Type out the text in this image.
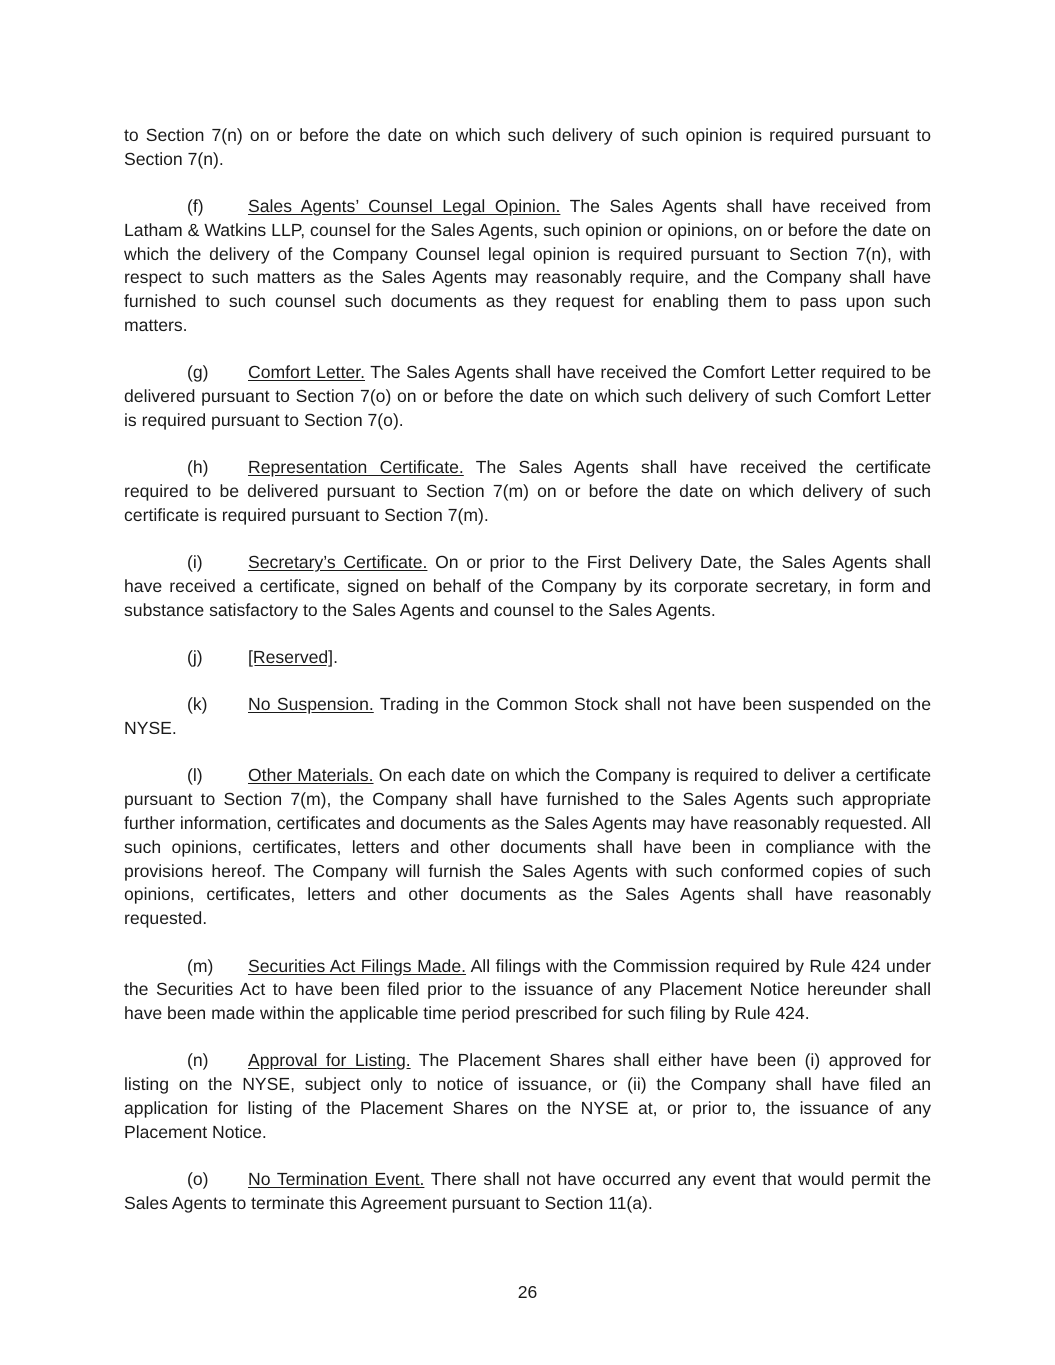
to Section 7(n) on or before the date on which such delivery of such opinion is required pursuant to Section 7(n).

(f)	Sales Agents’ Counsel Legal Opinion. The Sales Agents shall have received from Latham & Watkins LLP, counsel for the Sales Agents, such opinion or opinions, on or before the date on which the delivery of the Company Counsel legal opinion is required pursuant to Section 7(n), with respect to such matters as the Sales Agents may reasonably require, and the Company shall have furnished to such counsel such documents as they request for enabling them to pass upon such matters.

(g) Comfort Letter. The Sales Agents shall have received the Comfort Letter required to be delivered pursuant to Section 7(o) on or before the date on which such delivery of such Comfort Letter is required pursuant to Section 7(o).

(h) Representation Certificate. The Sales Agents shall have received the certificate required to be delivered pursuant to Section 7(m) on or before the date on which delivery of such certificate is required pursuant to Section 7(m).

(i)	Secretary’s Certificate. On or prior to the First Delivery Date, the Sales Agents shall have received a certificate, signed on behalf of the Company by its corporate secretary, in form and substance satisfactory to the Sales Agents and counsel to the Sales Agents.

(j)	[Reserved].

(k) No Suspension. Trading in the Common Stock shall not have been suspended on the NYSE.

(l)	Other Materials. On each date on which the Company is required to deliver a certificate pursuant to Section 7(m), the Company shall have furnished to the Sales Agents such appropriate further information, certificates and documents as the Sales Agents may have reasonably requested. All such opinions, certificates, letters and other documents shall have been in compliance with the provisions hereof. The Company will furnish the Sales Agents with such conformed copies of such opinions, certificates, letters and other documents as the Sales Agents shall have reasonably requested.

(m) Securities Act Filings Made. All filings with the Commission required by Rule 424 under the Securities Act to have been filed prior to the issuance of any Placement Notice hereunder shall have been made within the applicable time period prescribed for such filing by Rule 424.

(n) Approval for Listing. The Placement Shares shall either have been (i) approved for listing on the NYSE, subject only to notice of issuance, or (ii) the Company shall have filed an application for listing of the Placement Shares on the NYSE at, or prior to, the issuance of any Placement Notice.

(o) No Termination Event. There shall not have occurred any event that would permit the Sales Agents to terminate this Agreement pursuant to Section 11(a).

26
